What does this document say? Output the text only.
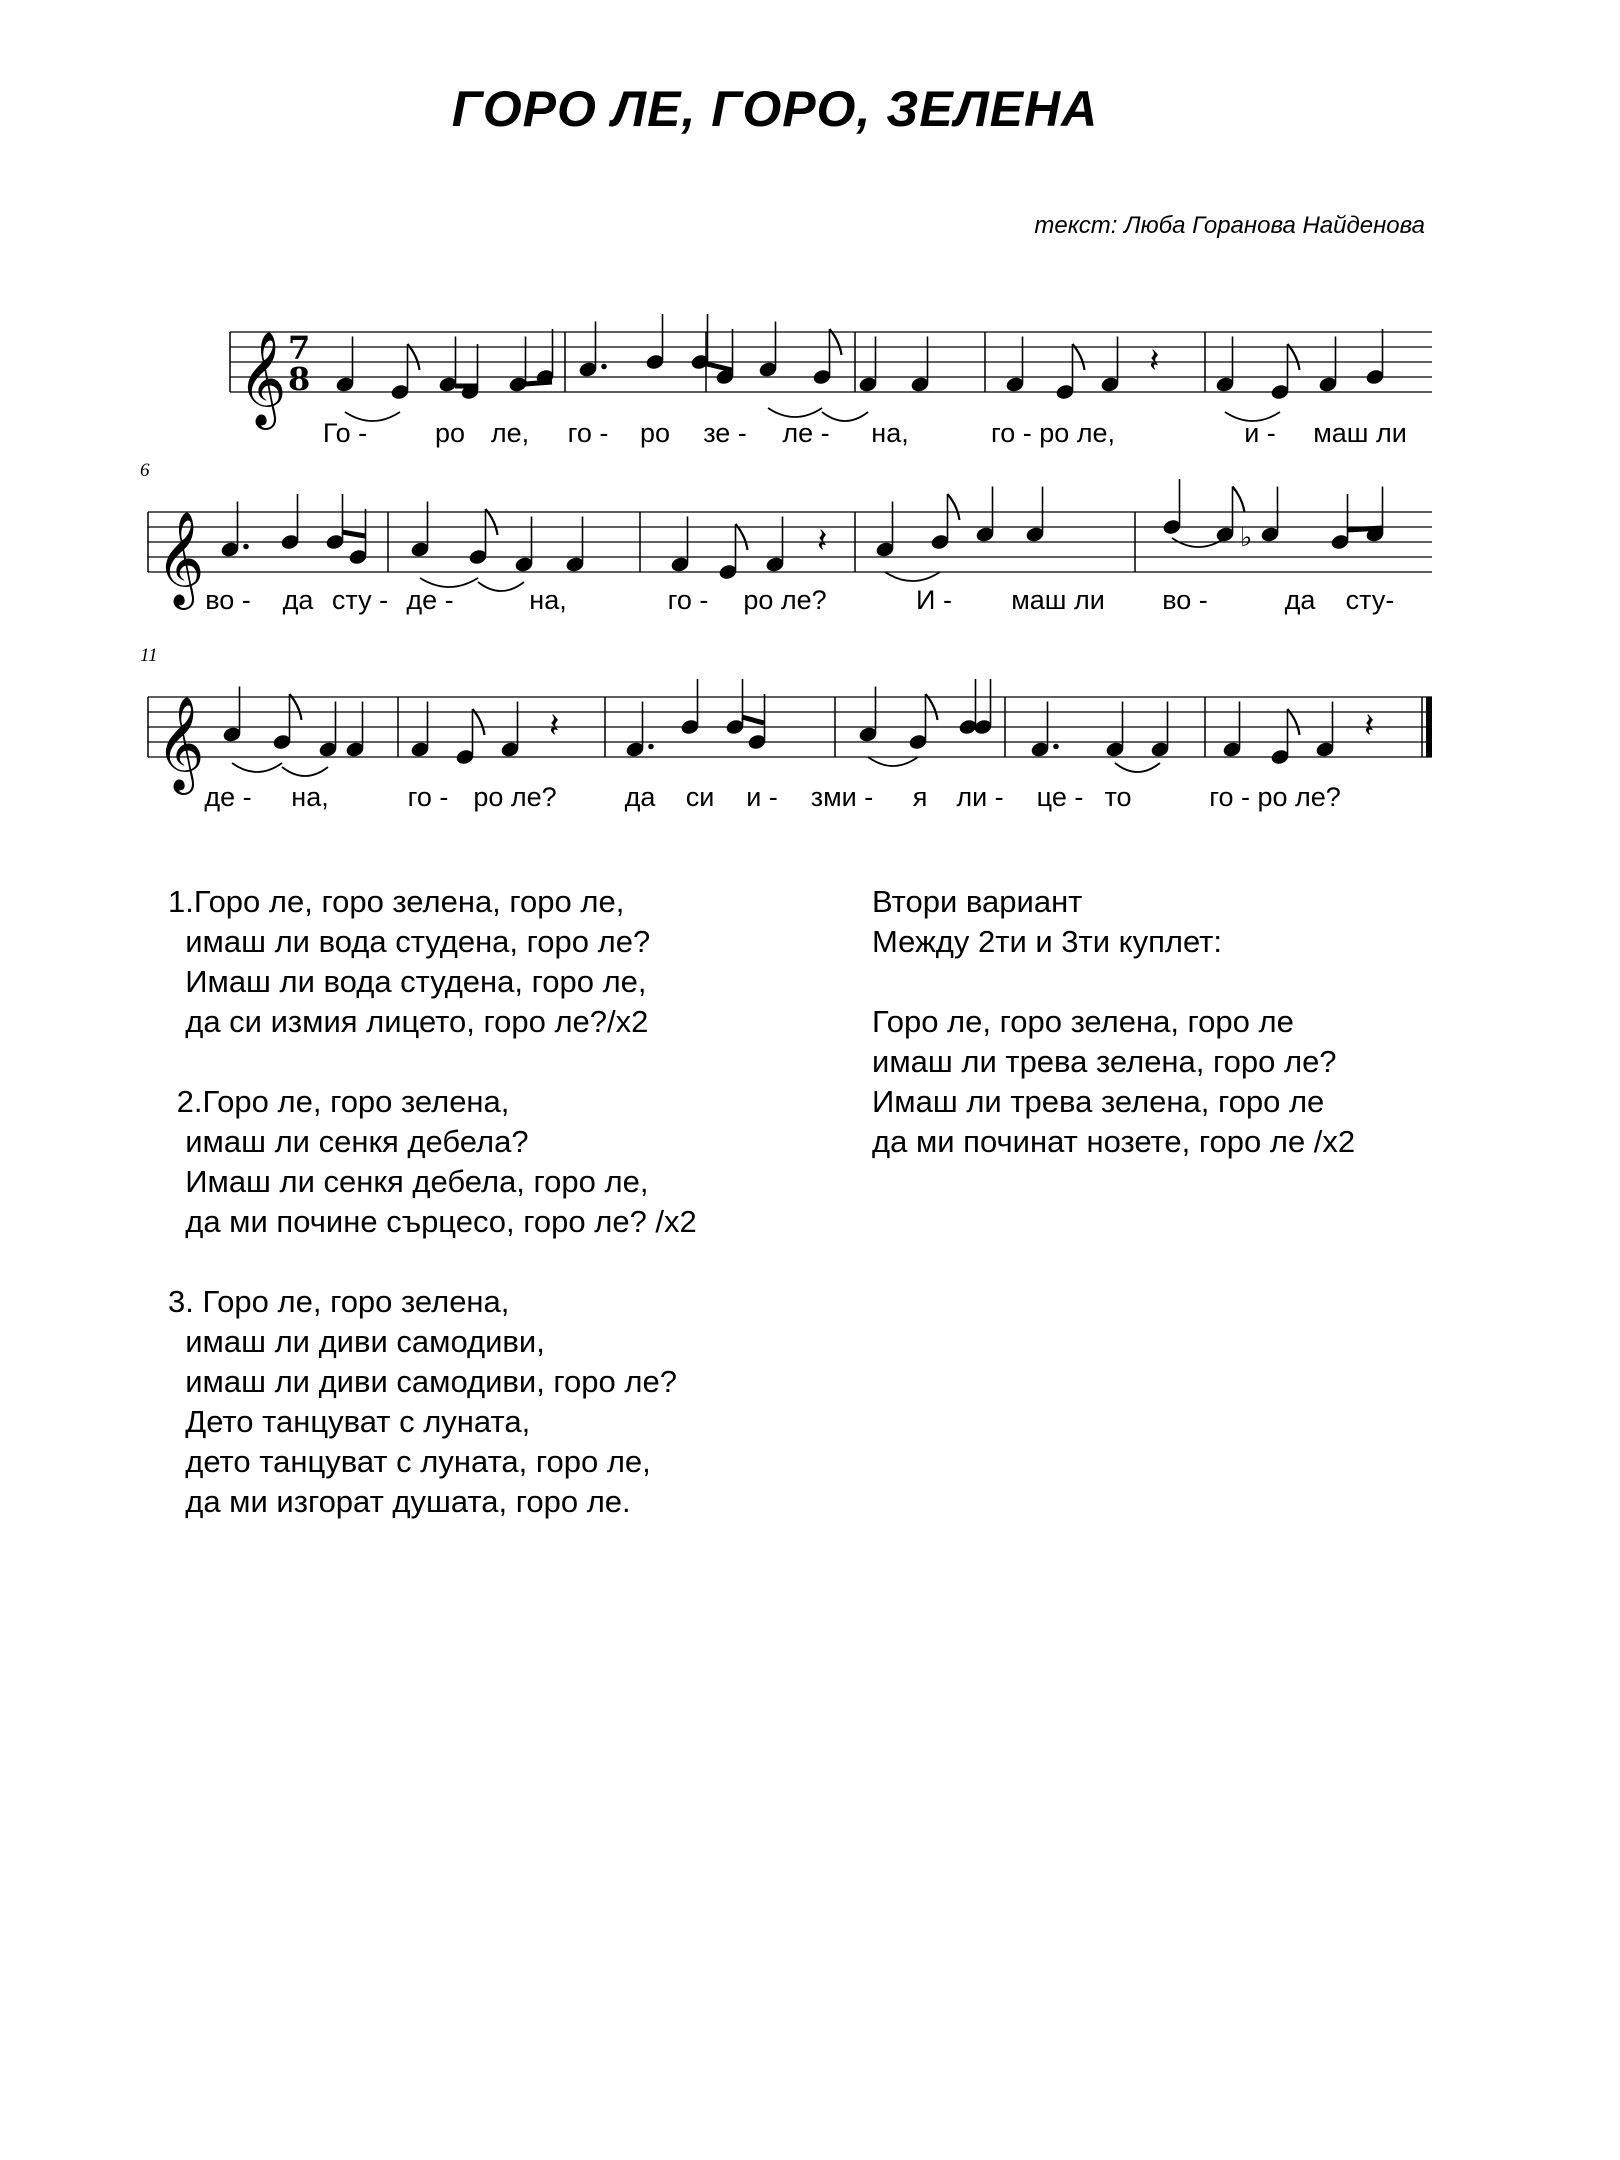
ГОРО ЛЕ, ГОРО, ЗЕЛЕНА
текст: Люба Горанова Найденова
𝄞 7
8	𝄽
Го -	ро ле, го - ро зе - ле - на,	го - ро ле,	и - маш ли
6
𝄞	𝄽	♭
во - да сту - де -	на,	го - ро ле?	И - маш ли во -	да сту-
11
𝄞	𝄽	𝄽
де - на,	го - ро ле?	да си и - зми - я ли - це - то	го - ро ле?
1.Горо ле, горо зелена, горо ле,
имаш ли вода студена, горо ле?
Имаш ли вода студена, горо ле,
да си измия лицето, горо ле?/х2
2.Горо ле, горо зелена,
имаш ли сенкя дебела?
Имаш ли сенкя дебела, горо ле,
да ми почине сърцесо, горо ле? /х2
3. Горо ле, горо зелена,
имаш ли диви самодиви,
имаш ли диви самодиви, горо ле?
Дето танцуват с луната,
дето танцуват с луната, горо ле,
да ми изгорат душата, горо ле.
Втори вариант
Между 2ти и 3ти куплет:

Горо ле, горо зелена, горо ле
имаш ли трева зелена, горо ле?
Имаш ли трева зелена, горо ле
да ми починат нозете, горо ле /х2
